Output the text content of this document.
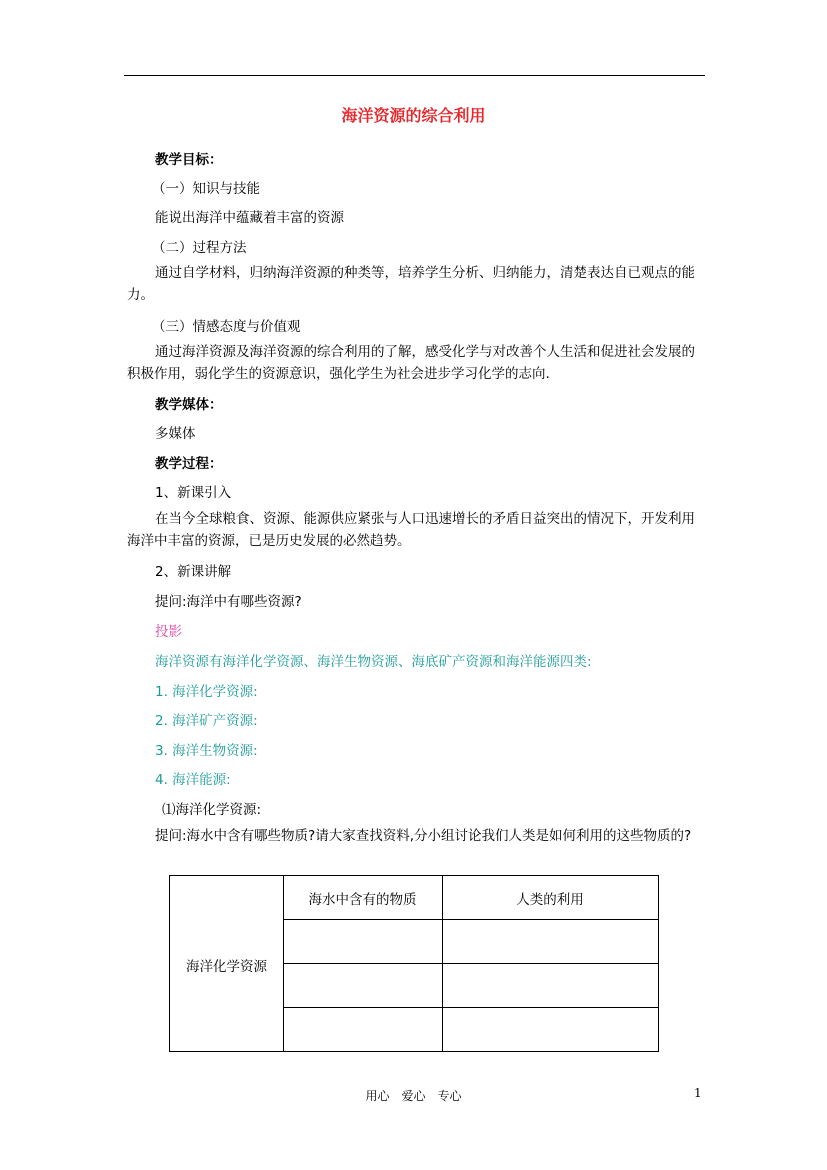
海洋资源的综合利用
教学目标：
（一）知识与技能
能说出海洋中蕴藏着丰富的资源
（二）过程方法
通过自学材料，归纳海洋资源的种类等，培养学生分析、归纳能力，清楚表达自已观点的能力。
（三）情感态度与价值观
通过海洋资源及海洋资源的综合利用的了解，感受化学与对改善个人生活和促进社会发展的积极作用，弱化学生的资源意识，强化学生为社会进步学习化学的志向.
教学媒体：
多媒体
教学过程：
1、新课引入
在当今全球粮食、资源、能源供应紧张与人口迅速增长的矛盾日益突出的情况下，开发利用海洋中丰富的资源，已是历史发展的必然趋势。
2、新课讲解
提问:海洋中有哪些资源?
投影
海洋资源有海洋化学资源、海洋生物资源、海底矿产资源和海洋能源四类:
1. 海洋化学资源:
2. 海洋矿产资源:
3. 海洋生物资源:
4. 海洋能源:
⑴海洋化学资源:
提问:海水中含有哪些物质?请大家查找资料,分小组讨论我们人类是如何利用的这些物质的?
海洋化学资源
海水中含有的物质	人类的利用
用心　爱心　专心	1
